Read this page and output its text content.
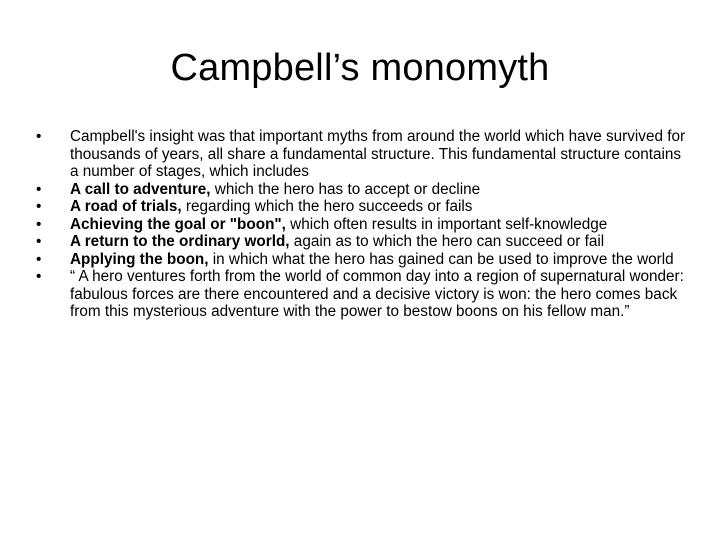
Campbell’s monomyth
•	Campbell's insight was that important myths from around the world which have survived for thousands of years, all share a fundamental structure. This fundamental structure contains a number of stages, which includes
•	A call to adventure, which the hero has to accept or decline
•	A road of trials, regarding which the hero succeeds or fails
•	Achieving the goal or "boon", which often results in important self-knowledge
•	A return to the ordinary world, again as to which the hero can succeed or fail
•	Applying the boon, in which what the hero has gained can be used to improve the world
•	“ A hero ventures forth from the world of common day into a region of supernatural wonder: fabulous forces are there encountered and a decisive victory is won: the hero comes back from this mysterious adventure with the power to bestow boons on his fellow man.”
